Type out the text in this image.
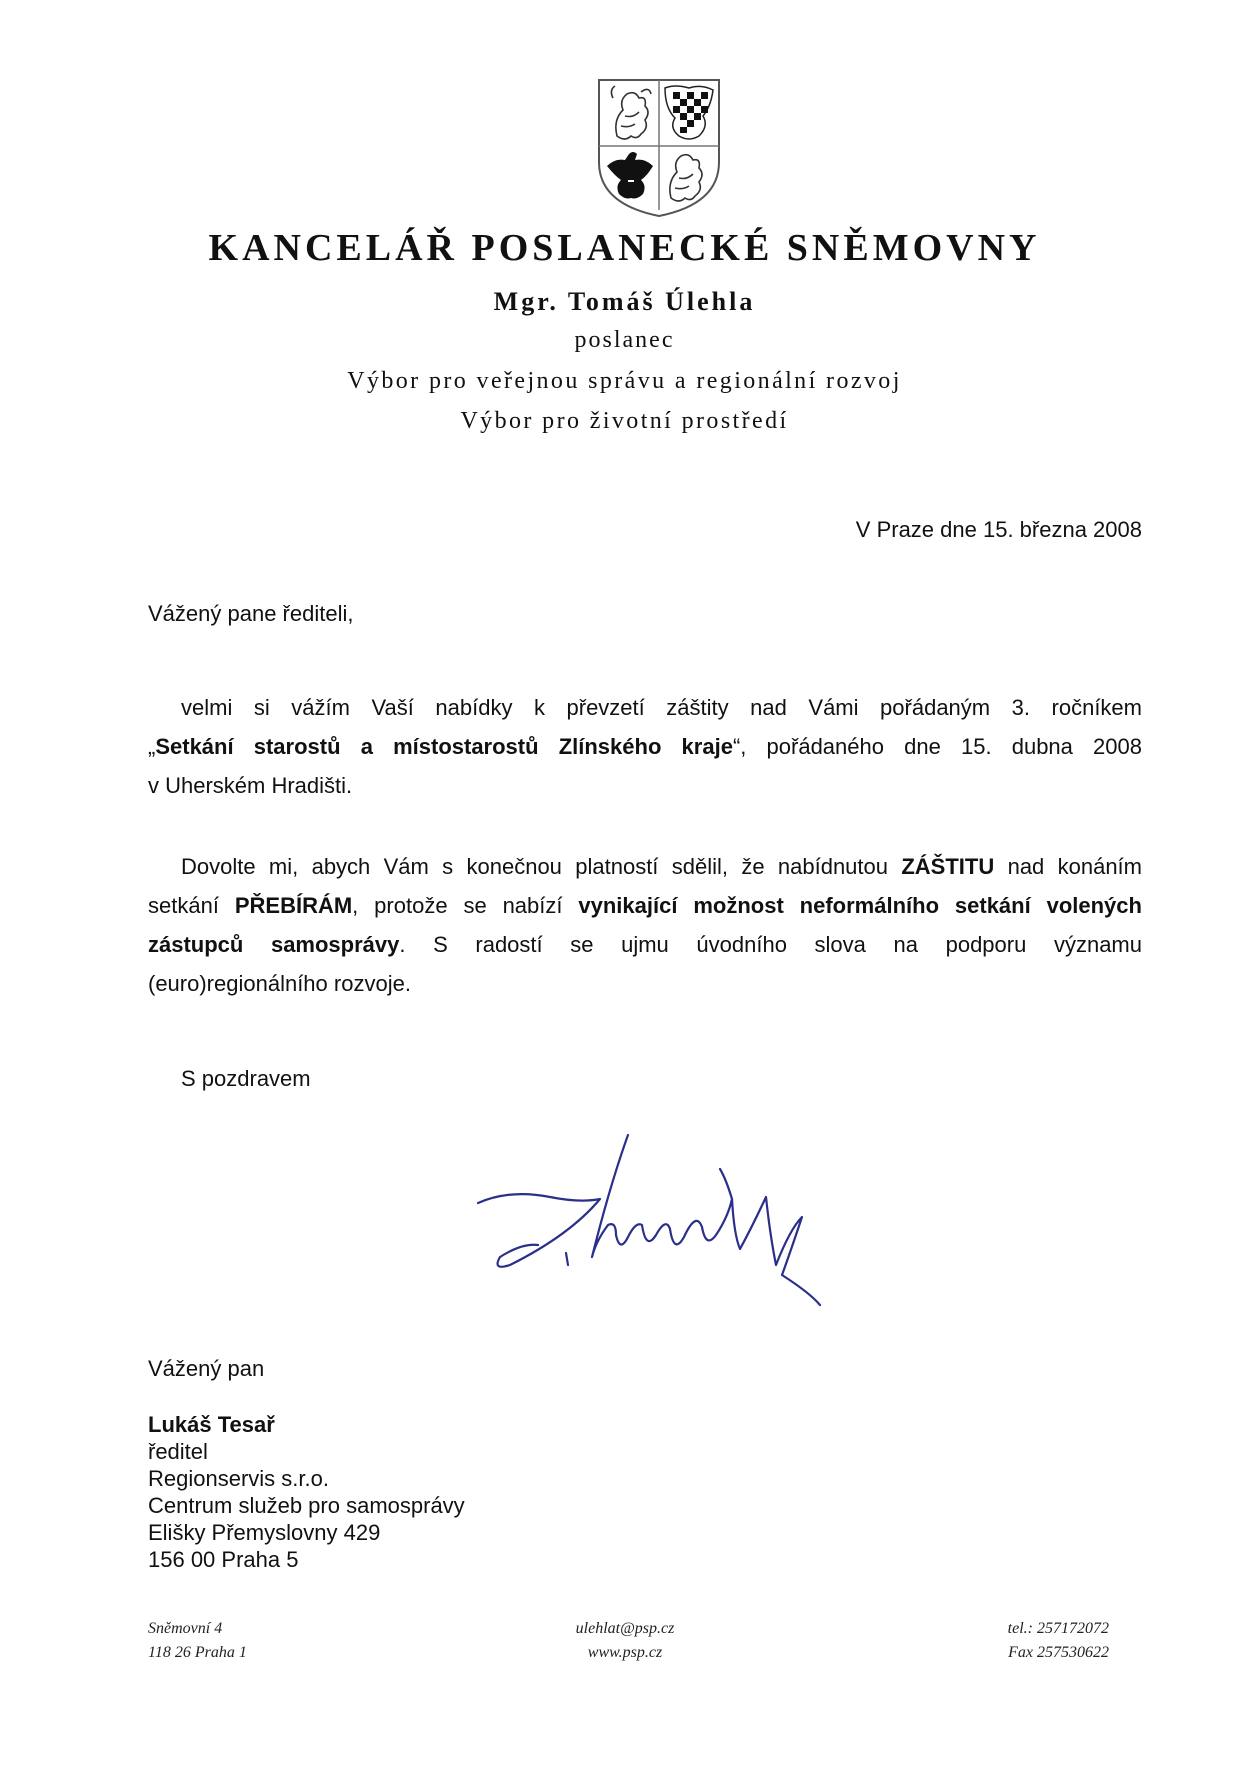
KANCELÁŘ POSLANECKÉ SNĚMOVNY
Mgr. Tomáš Úlehla
poslanec
Výbor pro veřejnou správu a regionální rozvoj
Výbor pro životní prostředí
V Praze dne 15. března 2008
Vážený pane řediteli,
velmi si vážím Vaší nabídky k převzetí záštity nad Vámi pořádaným 3. ročníkem
„Setkání starostů a místostarostů Zlínského kraje“, pořádaného dne 15. dubna 2008
v Uherském Hradišti.
Dovolte mi, abych Vám s konečnou platností sdělil, že nabídnutou ZÁŠTITU nad konáním
setkání PŘEBÍRÁM, protože se nabízí vynikající možnost neformálního setkání volených
zástupců samosprávy. S radostí se ujmu úvodního slova na podporu významu
(euro)regionálního rozvoje.
S pozdravem
Vážený pan
Lukáš Tesař
ředitel
Regionservis s.r.o.
Centrum služeb pro samosprávy
Elišky Přemyslovny 429
156 00 Praha 5
Sněmovní 4
118 26 Praha 1
ulehlat@psp.cz
www.psp.cz
tel.: 257172072
Fax 257530622
